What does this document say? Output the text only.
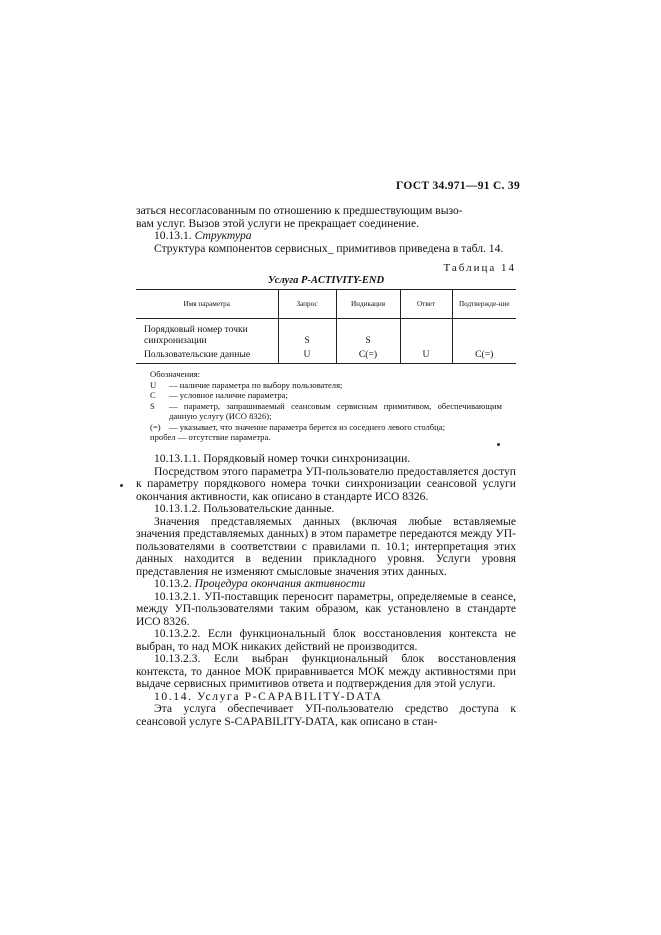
ГОСТ 34.971—91 С. 39

заться несогласованным по отношению к предшествующим вызо-

вам услуг. Вызов этой услуги не прекращает соединение.

10.13.1. Структура

Структура компонентов сервисных_ примитивов приведена в табл. 14.

Таблица 14
Услуга P-ACTIVITY-END
Имя параметра	Запрос	Индикация	Ответ	Подтвержде-ние
Порядковый номер точки синхронизации	S	S		
Пользовательские данные	U	C(=)	U	C(=)

Обозначения:

U	— наличие параметра по выбору пользователя;
C	— условное наличие параметра;
S	— параметр, запрашиваемый сеансовым сервисным примитивом, обеспечивающим данную услугу (ИСО 8326);
(=) — указывает, что значение параметра берется из соседнего левого столбца;

пробел — отсутствие параметра.

10.13.1.1. Порядковый номер точки синхронизации.

Посредством этого параметра УП-пользователю предоставляется доступ к параметру порядкового номера точки синхронизации сеансовой услуги окончания активности, как описано в стандарте ИСО 8326.

10.13.1.2. Пользовательские данные.

Значения представляемых данных (включая любые вставляемые значения представляемых данных) в этом параметре передаются между УП-пользователями в соответствии с правилами п. 10.1; интерпретация этих данных находится в ведении прикладного уровня. Услуги уровня представления не изменяют смысловые значения этих данных.

10.13.2. Процедура окончания активности

10.13.2.1. УП-поставщик переносит параметры, определяемые в сеансе, между УП-пользователями таким образом, как установлено в стандарте ИСО 8326.

10.13.2.2. Если функциональный блок восстановления контекста не выбран, то над МОК никаких действий не производится.

10.13.2.3. Если выбран функциональный блок восстановления контекста, то данное МОК приравнивается МОК между активностями при выдаче сервисных примитивов ответа и подтверждения для этой услуги.

10.14. Услуга P-CAPABILITY-DATA

Эта услуга обеспечивает УП-пользователю средство доступа к сеансовой услуге S-CAPABILITY-DATA, как описано в стан-
